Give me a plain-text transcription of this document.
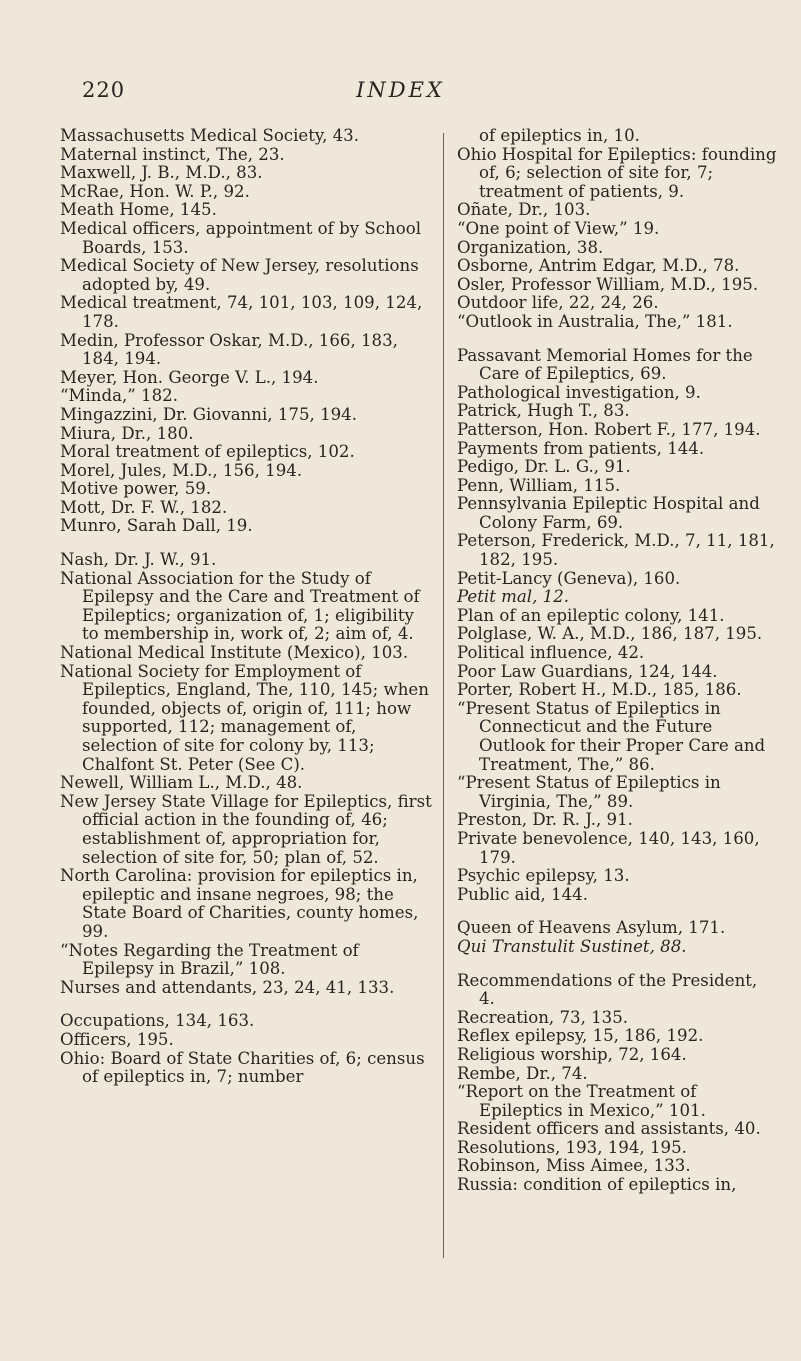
220	INDEX

Massachusetts Medical Society, 43.

Maternal instinct, The, 23.

Maxwell, J. B., M.D., 83.

McRae, Hon. W. P., 92.

Meath Home, 145.

Medical officers, appointment of by School Boards, 153.

Medical Society of New Jersey, resolutions adopted by, 49.

Medical treatment, 74, 101, 103, 109, 124, 178.

Medin, Professor Oskar, M.D., 166, 183, 184, 194.

Meyer, Hon. George V. L., 194.

“Minda,” 182.

Mingazzini, Dr. Giovanni, 175, 194.

Miura, Dr., 180.

Moral treatment of epileptics, 102.

Morel, Jules, M.D., 156, 194.

Motive power, 59.

Mott, Dr. F. W., 182.

Munro, Sarah Dall, 19.

Nash, Dr. J. W., 91.

National Association for the Study of Epilepsy and the Care and Treatment of Epileptics; organization of, 1; eligibility to membership in, work of, 2; aim of, 4.

National Medical Institute (Mexico), 103.

National Society for Employment of Epileptics, England, The, 110, 145; when founded, objects of, origin of, 111; how supported, 112; management of, selection of site for colony by, 113; Chalfont St. Peter (See C).

Newell, William L., M.D., 48.

New Jersey State Village for Epileptics, first official action in the founding of, 46; establishment of, appropriation for, selection of site for, 50; plan of, 52.

North Carolina: provision for epileptics in, epileptic and insane negroes, 98; the State Board of Charities, county homes, 99.

“Notes Regarding the Treatment of Epilepsy in Brazil,” 108.

Nurses and attendants, 23, 24, 41, 133.

Occupations, 134, 163.

Officers, 195.

Ohio: Board of State Charities of, 6; census of epileptics in, 7; number

of epileptics in, 10.

Ohio Hospital for Epileptics: founding of, 6; selection of site for, 7; treatment of patients, 9.

Oñate, Dr., 103.

“One point of View,” 19.

Organization, 38.

Osborne, Antrim Edgar, M.D., 78.

Osler, Professor William, M.D., 195.

Outdoor life, 22, 24, 26.

“Outlook in Australia, The,” 181.

Passavant Memorial Homes for the Care of Epileptics, 69.

Pathological investigation, 9.

Patrick, Hugh T., 83.

Patterson, Hon. Robert F., 177, 194.

Payments from patients, 144.

Pedigo, Dr. L. G., 91.

Penn, William, 115.

Pennsylvania Epileptic Hospital and Colony Farm, 69.

Peterson, Frederick, M.D., 7, 11, 181, 182, 195.

Petit-Lancy (Geneva), 160.

Petit mal, 12.

Plan of an epileptic colony, 141.

Polglase, W. A., M.D., 186, 187, 195.

Political influence, 42.

Poor Law Guardians, 124, 144.

Porter, Robert H., M.D., 185, 186.

“Present Status of Epileptics in Connecticut and the Future Outlook for their Proper Care and Treatment, The,” 86.

“Present Status of Epileptics in Virginia, The,” 89.

Preston, Dr. R. J., 91.

Private benevolence, 140, 143, 160, 179.

Psychic epilepsy, 13.

Public aid, 144.

Queen of Heavens Asylum, 171.

Qui Transtulit Sustinet, 88.

Recommendations of the President, 4.

Recreation, 73, 135.

Reflex epilepsy, 15, 186, 192.

Religious worship, 72, 164.

Rembe, Dr., 74.

“Report on the Treatment of Epileptics in Mexico,” 101.

Resident officers and assistants, 40.

Resolutions, 193, 194, 195.

Robinson, Miss Aimee, 133.

Russia: condition of epileptics in,
